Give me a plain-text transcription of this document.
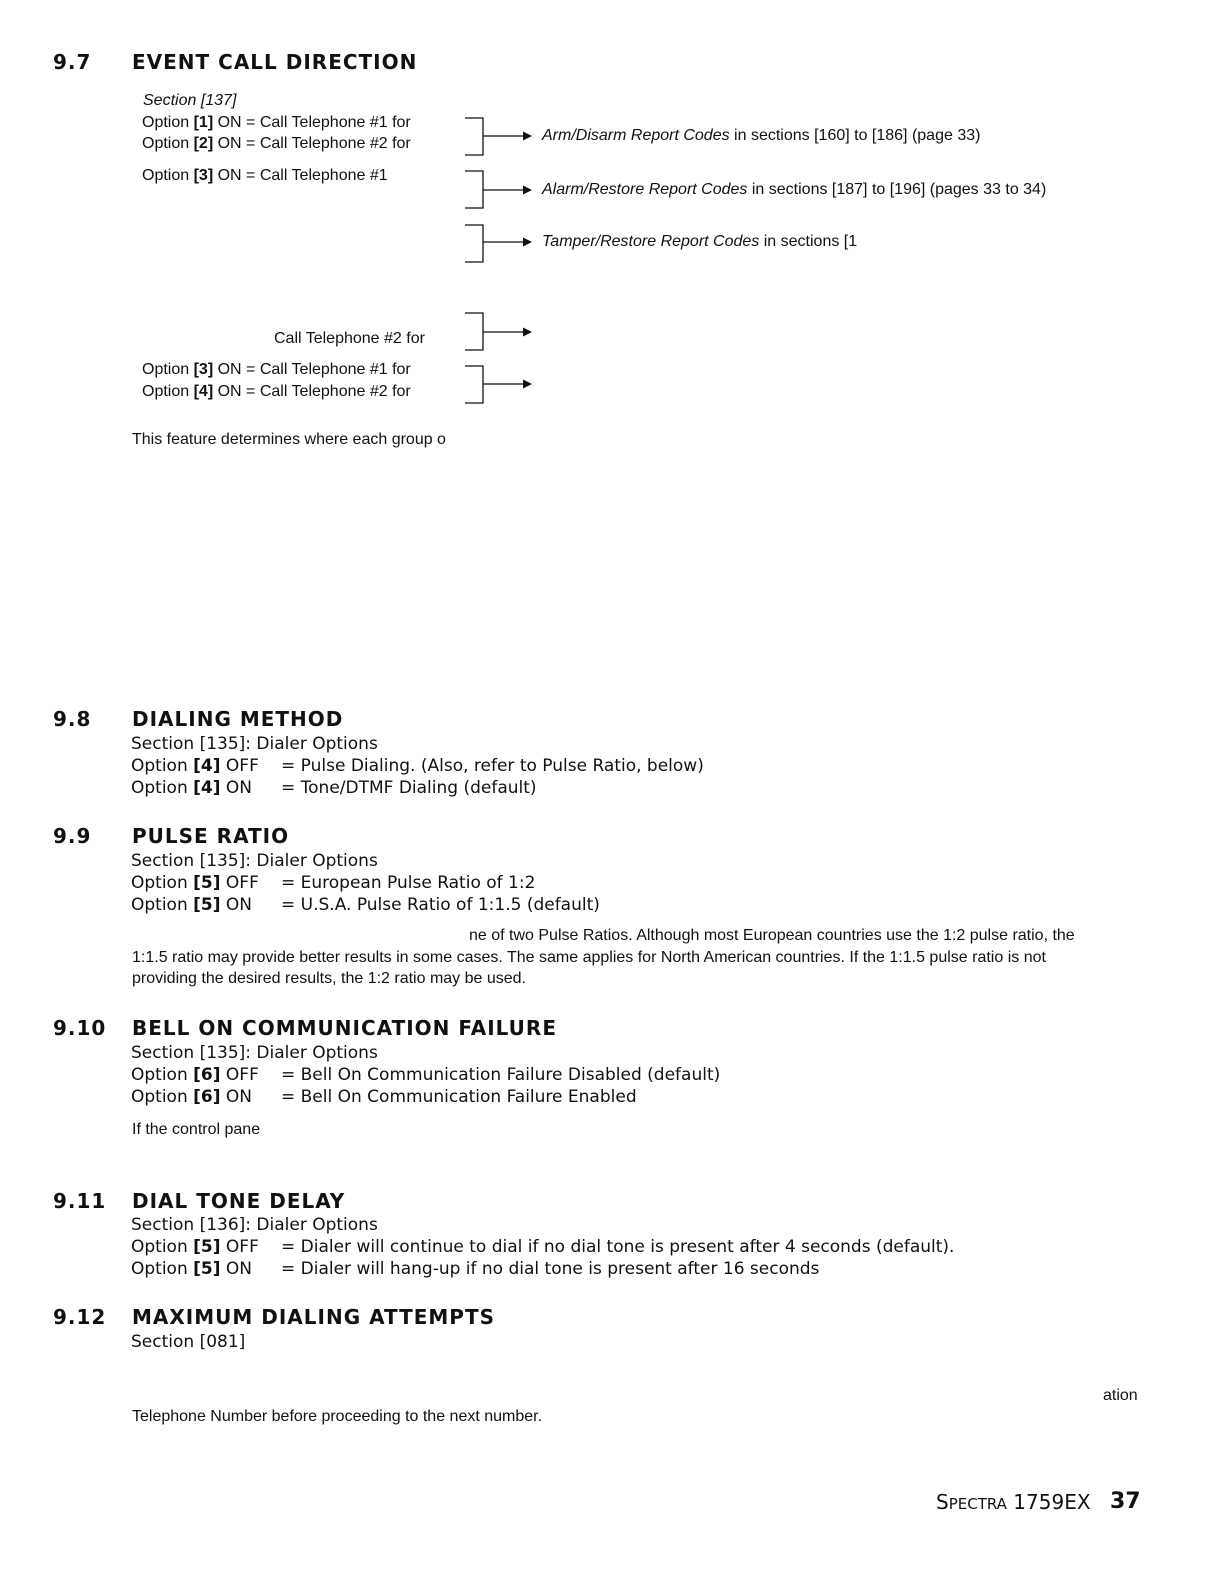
9.7 EVENT CALL DIRECTION
Section [137]
Option [1] ON = Call Telephone #1 for
Option [2] ON = Call Telephone #2 for
Option [3] ON = Call Telephone #1
Arm/Disarm Report Codes in sections [160] to [186] (page 33)
Alarm/Restore Report Codes in sections [187] to [196] (pages 33 to 34)
Tamper/Restore Report Codes in sections [1
Call Telephone #2 for
Option [3] ON = Call Telephone #1 for
Option [4] ON = Call Telephone #2 for
This feature determines where each group o
9.8 DIALING METHOD
Section [135]: Dialer Options
Option [4] OFF = Pulse Dialing. (Also, refer to Pulse Ratio, below)
Option [4] ON = Tone/DTMF Dialing (default)
9.9 PULSE RATIO
Section [135]: Dialer Options
Option [5] OFF = European Pulse Ratio of 1:2
Option [5] ON = U.S.A. Pulse Ratio of 1:1.5 (default)
ne of two Pulse Ratios. Although most European countries use the 1:2 pulse ratio, the
1:1.5 ratio may provide better results in some cases. The same applies for North American countries. If the 1:1.5 pulse ratio is not
providing the desired results, the 1:2 ratio may be used.
9.10 BELL ON COMMUNICATION FAILURE
Section [135]: Dialer Options
Option [6] OFF = Bell On Communication Failure Disabled (default)
Option [6] ON = Bell On Communication Failure Enabled
If the control pane
9.11 DIAL TONE DELAY
Section [136]: Dialer Options
Option [5] OFF = Dialer will continue to dial if no dial tone is present after 4 seconds (default).
Option [5] ON = Dialer will hang-up if no dial tone is present after 16 seconds
9.12 MAXIMUM DIALING ATTEMPTS
Section [081]
ation
Telephone Number before proceeding to the next number.
SPECTRA 1759EX 37
